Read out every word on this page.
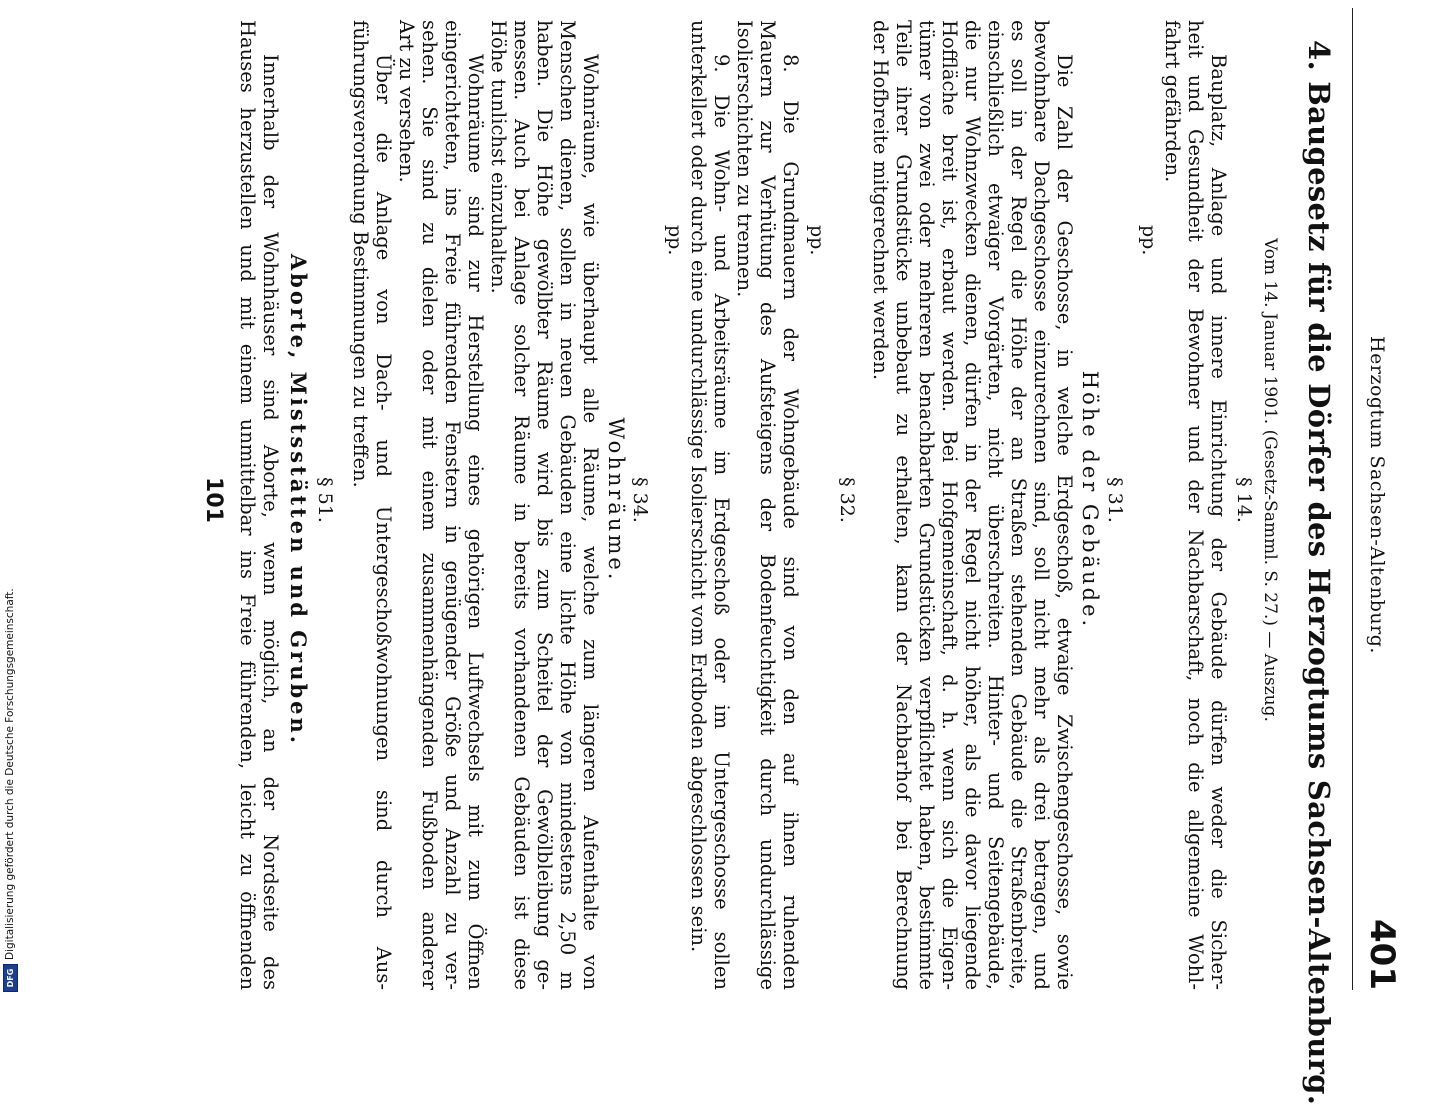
Herzogtum Sachsen-Altenburg.
401
4. Baugesetz für die Dörfer des Herzogtums Sachsen-Altenburg.
Vom 14. Januar 1901. (Gesetz-Samml. S. 27.) — Auszug.
§ 14.
Bauplatz, Anlage und innere Einrichtung der Gebäude dürfen weder die Sicher-
heit und Gesundheit der Bewohner und der Nachbarschaft, noch die allgemeine Wohl-
fahrt gefährden.
pp.
§ 31.
Höhe der Gebäude.
Die Zahl der Geschosse, in welche Erdgeschoß, etwaige Zwischengeschosse, sowie
bewohnbare Dachgeschosse einzurechnen sind, soll nicht mehr als drei betragen, und
es soll in der Regel die Höhe der an Straßen stehenden Gebäude die Straßenbreite,
einschließlich etwaiger Vorgärten, nicht überschreiten. Hinter- und Seitengebäude,
die nur Wohnzwecken dienen, dürfen in der Regel nicht höher, als die davor liegende
Hoffläche breit ist, erbaut werden. Bei Hofgemeinschaft, d. h. wenn sich die Eigen-
tümer von zwei oder mehreren benachbarten Grundstücken verpflichtet haben, bestimmte
Teile ihrer Grundstücke unbebaut zu erhalten, kann der Nachbarhof bei Berechnung
der Hofbreite mitgerechnet werden.
§ 32.
pp.
8. Die Grundmauern der Wohngebäude sind von den auf ihnen ruhenden
Mauern zur Verhütung des Aufsteigens der Bodenfeuchtigkeit durch undurchlässige
Isolierschichten zu trennen.
9. Die Wohn- und Arbeitsräume im Erdgeschoß oder im Untergeschosse sollen
unterkellert oder durch eine undurchlässige Isolierschicht vom Erdboden abgeschlossen sein.
pp.
§ 34.
Wohnräume.
Wohnräume, wie überhaupt alle Räume, welche zum längeren Aufenthalte von
Menschen dienen, sollen in neuen Gebäuden eine lichte Höhe von mindestens 2,50 m
haben. Die Höhe gewölbter Räume wird bis zum Scheitel der Gewölbleibung ge-
messen. Auch bei Anlage solcher Räume in bereits vorhandenen Gebäuden ist diese
Höhe tunlichst einzuhalten.
Wohnräume sind zur Herstellung eines gehörigen Luftwechsels mit zum Öffnen
eingerichteten, ins Freie führenden Fenstern in genügender Größe und Anzahl zu ver-
sehen. Sie sind zu dielen oder mit einem zusammenhängenden Fußboden anderer
Art zu versehen.
Über die Anlage von Dach- und Untergeschoßwohnungen sind durch Aus-
führungsverordnung Bestimmungen zu treffen.
§ 51.
Aborte, Mistsstätten und Gruben.
Innerhalb der Wohnhäuser sind Aborte, wenn möglich, an der Nordseite des
Hauses herzustellen und mit einem unmittelbar ins Freie führenden, leicht zu öffnenden
101
DFG
Digitalisierung gefördert durch die Deutsche Forschungsgemeinschaft.
